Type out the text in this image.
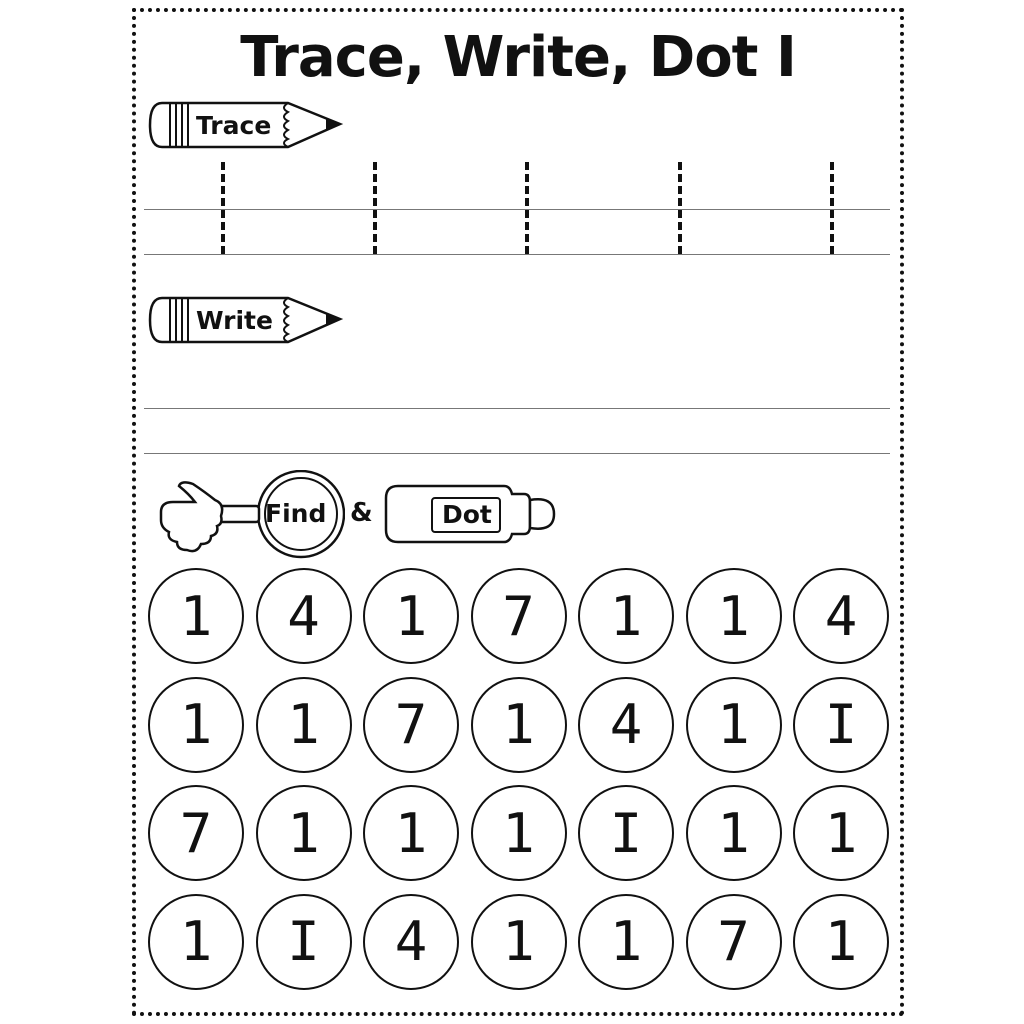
Trace, Write, Dot I
Trace
Write
Find &	Dot
1	4	1	7	1	1	4
1	1	7	1	4	1	I
7	1	1	1	I	1	1
1	I	4	1	1	7	1
